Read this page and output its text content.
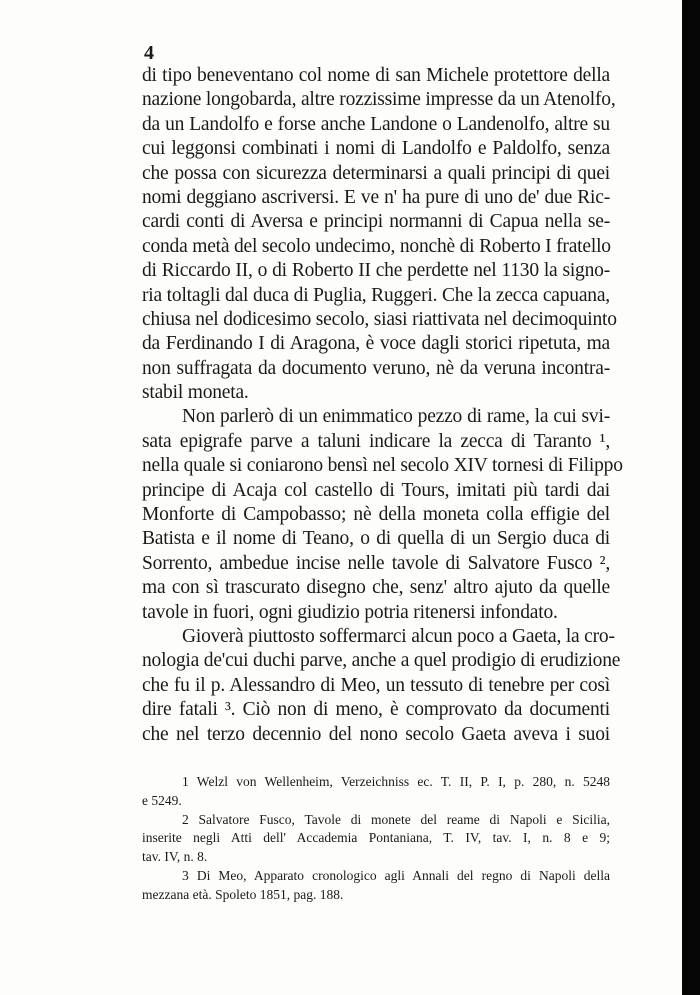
4
di tipo beneventano col nome di san Michele protettore della
nazione longobarda, altre rozzissime impresse da un Atenolfo,
da un Landolfo e forse anche Landone o Landenolfo, altre su
cui leggonsi combinati i nomi di Landolfo e Paldolfo, senza
che possa con sicurezza determinarsi a quali principi di quei
nomi deggiano ascriversi. E ve n' ha pure di uno de' due Ric-
cardi conti di Aversa e principi normanni di Capua nella se-
conda metà del secolo undecimo, nonchè di Roberto I fratello
di Riccardo II, o di Roberto II che perdette nel 1130 la signo-
ria toltagli dal duca di Puglia, Ruggeri. Che la zecca capuana,
chiusa nel dodicesimo secolo, siasi riattivata nel decimoquinto
da Ferdinando I di Aragona, è voce dagli storici ripetuta, ma
non suffragata da documento veruno, nè da veruna incontra-
stabil moneta.
Non parlerò di un enimmatico pezzo di rame, la cui svi-
sata epigrafe parve a taluni indicare la zecca di Taranto ¹,
nella quale si coniarono bensì nel secolo XIV tornesi di Filippo
principe di Acaja col castello di Tours, imitati più tardi dai
Monforte di Campobasso; nè della moneta colla effigie del
Batista e il nome di Teano, o di quella di un Sergio duca di
Sorrento, ambedue incise nelle tavole di Salvatore Fusco ²,
ma con sì trascurato disegno che, senz' altro ajuto da quelle
tavole in fuori, ogni giudizio potria ritenersi infondato.
Gioverà piuttosto soffermarci alcun poco a Gaeta, la cro-
nologia de'cui duchi parve, anche a quel prodigio di erudizione
che fu il p. Alessandro di Meo, un tessuto di tenebre per così
dire fatali ³. Ciò non di meno, è comprovato da documenti
che nel terzo decennio del nono secolo Gaeta aveva i suoi
1 Welzl von Wellenheim, Verzeichniss ec. T. II, P. I, p. 280, n. 5248
e 5249.
2 Salvatore Fusco, Tavole di monete del reame di Napoli e Sicilia,
inserite negli Atti dell' Accademia Pontaniana, T. IV, tav. I, n. 8 e 9;
tav. IV, n. 8.
3 Di Meo, Apparato cronologico agli Annali del regno di Napoli della
mezzana età. Spoleto 1851, pag. 188.
